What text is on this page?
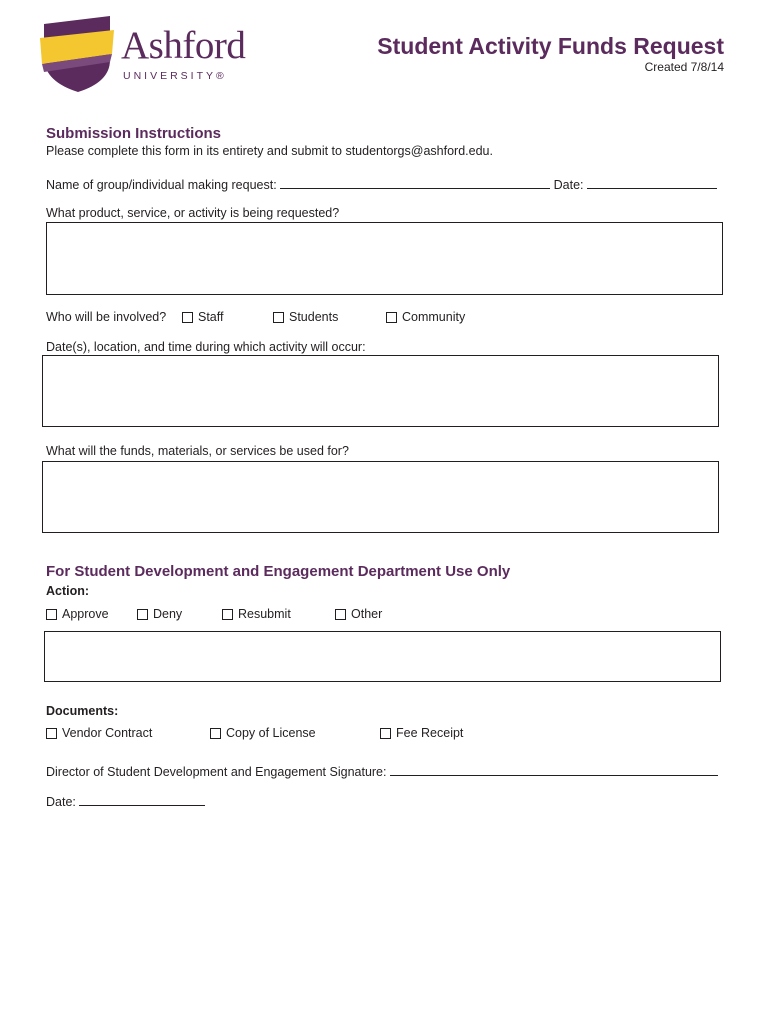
Ashford
UNIVERSITY®
Student Activity Funds Request
Created 7/8/14
Submission Instructions
Please complete this form in its entirety and submit to studentorgs@ashford.edu.
Name of group/individual making request:	Date:
What product, service, or activity is being requested?
Who will be involved?	Staff	Students	Community
Date(s), location, and time during which activity will occur:
What will the funds, materials, or services be used for?
For Student Development and Engagement Department Use Only
Action:
Approve	Deny	Resubmit	Other
Documents:
Vendor Contract	Copy of License	Fee Receipt
Director of Student Development and Engagement Signature:
Date:
